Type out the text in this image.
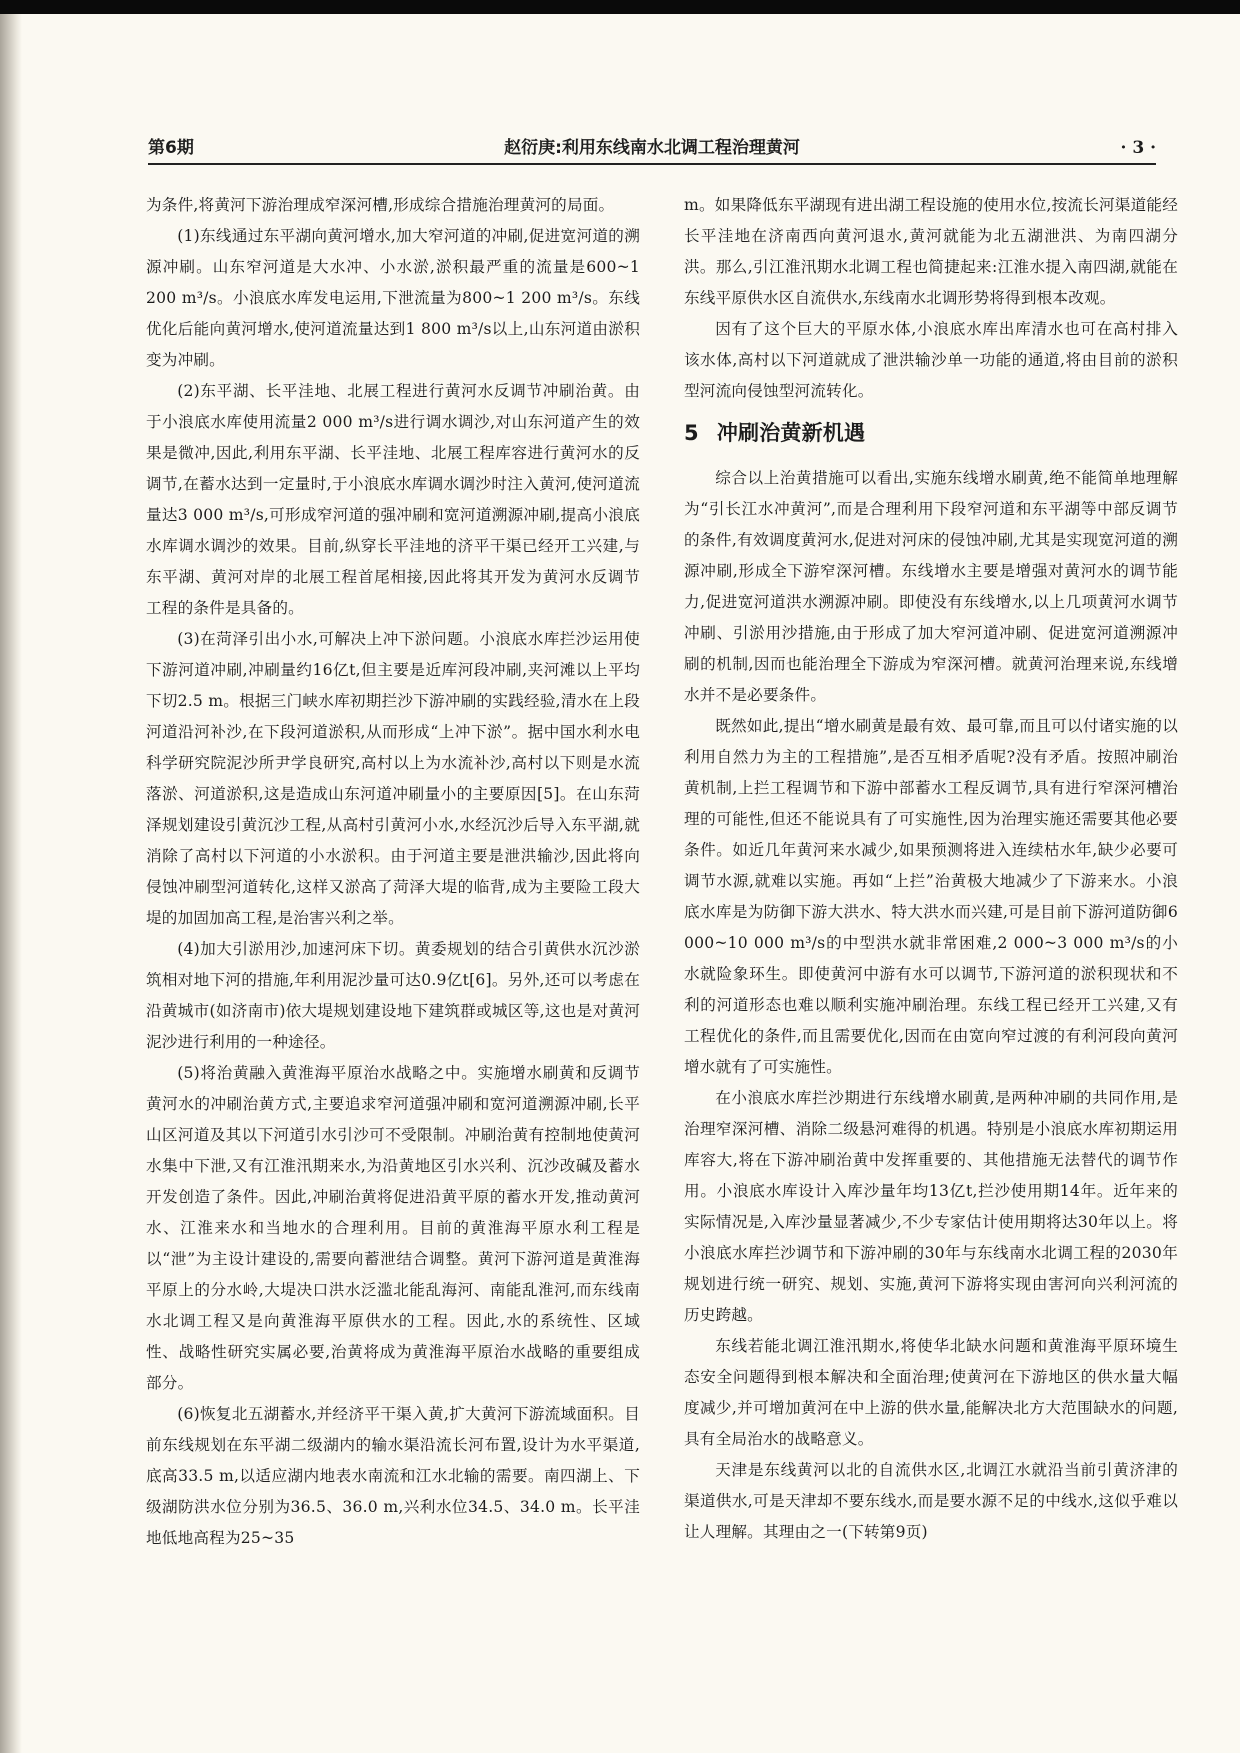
第6期	赵衍庚:利用东线南水北调工程治理黄河	· 3 ·

为条件,将黄河下游治理成窄深河槽,形成综合措施治理黄河的局面。

(1)东线通过东平湖向黄河增水,加大窄河道的冲刷,促进宽河道的溯源冲刷。山东窄河道是大水冲、小水淤,淤积最严重的流量是600~1 200 m³/s。小浪底水库发电运用,下泄流量为800~1 200 m³/s。东线优化后能向黄河增水,使河道流量达到1 800 m³/s以上,山东河道由淤积变为冲刷。

(2)东平湖、长平洼地、北展工程进行黄河水反调节冲刷治黄。由于小浪底水库使用流量2 000 m³/s进行调水调沙,对山东河道产生的效果是微冲,因此,利用东平湖、长平洼地、北展工程库容进行黄河水的反调节,在蓄水达到一定量时,于小浪底水库调水调沙时注入黄河,使河道流量达3 000 m³/s,可形成窄河道的强冲刷和宽河道溯源冲刷,提高小浪底水库调水调沙的效果。目前,纵穿长平洼地的济平干渠已经开工兴建,与东平湖、黄河对岸的北展工程首尾相接,因此将其开发为黄河水反调节工程的条件是具备的。

(3)在菏泽引出小水,可解决上冲下淤问题。小浪底水库拦沙运用使下游河道冲刷,冲刷量约16亿t,但主要是近库河段冲刷,夹河滩以上平均下切2.5 m。根据三门峡水库初期拦沙下游冲刷的实践经验,清水在上段河道沿河补沙,在下段河道淤积,从而形成“上冲下淤”。据中国水利水电科学研究院泥沙所尹学良研究,高村以上为水流补沙,高村以下则是水流落淤、河道淤积,这是造成山东河道冲刷量小的主要原因[5]。在山东菏泽规划建设引黄沉沙工程,从高村引黄河小水,水经沉沙后导入东平湖,就消除了高村以下河道的小水淤积。由于河道主要是泄洪输沙,因此将向侵蚀冲刷型河道转化,这样又淤高了菏泽大堤的临背,成为主要险工段大堤的加固加高工程,是治害兴利之举。

(4)加大引淤用沙,加速河床下切。黄委规划的结合引黄供水沉沙淤筑相对地下河的措施,年利用泥沙量可达0.9亿t[6]。另外,还可以考虑在沿黄城市(如济南市)依大堤规划建设地下建筑群或城区等,这也是对黄河泥沙进行利用的一种途径。

(5)将治黄融入黄淮海平原治水战略之中。实施增水刷黄和反调节黄河水的冲刷治黄方式,主要追求窄河道强冲刷和宽河道溯源冲刷,长平山区河道及其以下河道引水引沙可不受限制。冲刷治黄有控制地使黄河水集中下泄,又有江淮汛期来水,为沿黄地区引水兴利、沉沙改碱及蓄水开发创造了条件。因此,冲刷治黄将促进沿黄平原的蓄水开发,推动黄河水、江淮来水和当地水的合理利用。目前的黄淮海平原水利工程是以“泄”为主设计建设的,需要向蓄泄结合调整。黄河下游河道是黄淮海平原上的分水岭,大堤决口洪水泛滥北能乱海河、南能乱淮河,而东线南水北调工程又是向黄淮海平原供水的工程。因此,水的系统性、区域性、战略性研究实属必要,治黄将成为黄淮海平原治水战略的重要组成部分。

(6)恢复北五湖蓄水,并经济平干渠入黄,扩大黄河下游流域面积。目前东线规划在东平湖二级湖内的输水渠沿流长河布置,设计为水平渠道,底高33.5 m,以适应湖内地表水南流和江水北输的需要。南四湖上、下级湖防洪水位分别为36.5、36.0 m,兴利水位34.5、34.0 m。长平洼地低地高程为25~35

m。如果降低东平湖现有进出湖工程设施的使用水位,按流长河渠道能经长平洼地在济南西向黄河退水,黄河就能为北五湖泄洪、为南四湖分洪。那么,引江淮汛期水北调工程也简捷起来:江淮水提入南四湖,就能在东线平原供水区自流供水,东线南水北调形势将得到根本改观。

因有了这个巨大的平原水体,小浪底水库出库清水也可在高村排入该水体,高村以下河道就成了泄洪输沙单一功能的通道,将由目前的淤积型河流向侵蚀型河流转化。

5 冲刷治黄新机遇

综合以上治黄措施可以看出,实施东线增水刷黄,绝不能简单地理解为“引长江水冲黄河”,而是合理利用下段窄河道和东平湖等中部反调节的条件,有效调度黄河水,促进对河床的侵蚀冲刷,尤其是实现宽河道的溯源冲刷,形成全下游窄深河槽。东线增水主要是增强对黄河水的调节能力,促进宽河道洪水溯源冲刷。即使没有东线增水,以上几项黄河水调节冲刷、引淤用沙措施,由于形成了加大窄河道冲刷、促进宽河道溯源冲刷的机制,因而也能治理全下游成为窄深河槽。就黄河治理来说,东线增水并不是必要条件。

既然如此,提出“增水刷黄是最有效、最可靠,而且可以付诸实施的以利用自然力为主的工程措施”,是否互相矛盾呢?没有矛盾。按照冲刷治黄机制,上拦工程调节和下游中部蓄水工程反调节,具有进行窄深河槽治理的可能性,但还不能说具有了可实施性,因为治理实施还需要其他必要条件。如近几年黄河来水减少,如果预测将进入连续枯水年,缺少必要可调节水源,就难以实施。再如“上拦”治黄极大地减少了下游来水。小浪底水库是为防御下游大洪水、特大洪水而兴建,可是目前下游河道防御6 000~10 000 m³/s的中型洪水就非常困难,2 000~3 000 m³/s的小水就险象环生。即使黄河中游有水可以调节,下游河道的淤积现状和不利的河道形态也难以顺利实施冲刷治理。东线工程已经开工兴建,又有工程优化的条件,而且需要优化,因而在由宽向窄过渡的有利河段向黄河增水就有了可实施性。

在小浪底水库拦沙期进行东线增水刷黄,是两种冲刷的共同作用,是治理窄深河槽、消除二级悬河难得的机遇。特别是小浪底水库初期运用库容大,将在下游冲刷治黄中发挥重要的、其他措施无法替代的调节作用。小浪底水库设计入库沙量年均13亿t,拦沙使用期14年。近年来的实际情况是,入库沙量显著减少,不少专家估计使用期将达30年以上。将小浪底水库拦沙调节和下游冲刷的30年与东线南水北调工程的2030年规划进行统一研究、规划、实施,黄河下游将实现由害河向兴利河流的历史跨越。

东线若能北调江淮汛期水,将使华北缺水问题和黄淮海平原环境生态安全问题得到根本解决和全面治理;使黄河在下游地区的供水量大幅度减少,并可增加黄河在中上游的供水量,能解决北方大范围缺水的问题,具有全局治水的战略意义。

天津是东线黄河以北的自流供水区,北调江水就沿当前引黄济津的渠道供水,可是天津却不要东线水,而是要水源不足的中线水,这似乎难以让人理解。其理由之一(下转第9页)
